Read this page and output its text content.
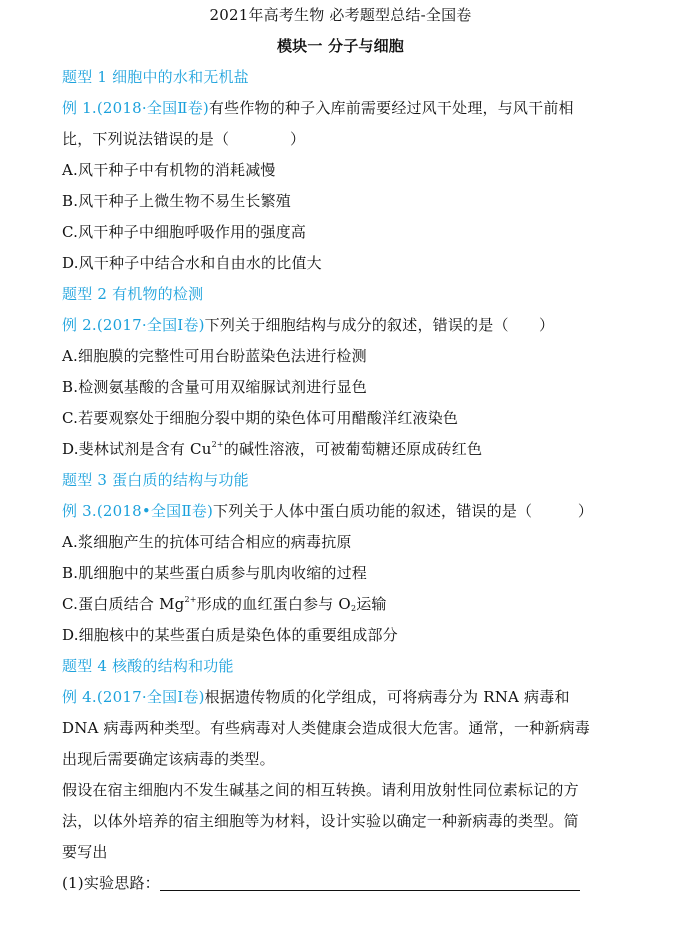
2021年高考生物 必考题型总结-全国卷
模块一 分子与细胞
题型 1 细胞中的水和无机盐
例 1.(2018·全国Ⅱ卷)有些作物的种子入库前需要经过风干处理，与风干前相
比，下列说法错误的是（　　　　）
A.风干种子中有机物的消耗减慢
B.风干种子上微生物不易生长繁殖
C.风干种子中细胞呼吸作用的强度高
D.风干种子中结合水和自由水的比值大
题型 2 有机物的检测
例 2.(2017·全国Ⅰ卷)下列关于细胞结构与成分的叙述，错误的是（　　）
A.细胞膜的完整性可用台盼蓝染色法进行检测
B.检测氨基酸的含量可用双缩脲试剂进行显色
C.若要观察处于细胞分裂中期的染色体可用醋酸洋红液染色
D.斐林试剂是含有 $Cu^{2+}$的碱性溶液，可被葡萄糖还原成砖红色
题型 3 蛋白质的结构与功能
例 3.(2018•全国Ⅱ卷)下列关于人体中蛋白质功能的叙述，错误的是（　　　）
A.浆细胞产生的抗体可结合相应的病毒抗原
B.肌细胞中的某些蛋白质参与肌肉收缩的过程
C.蛋白质结合 $Mg^{2+}$形成的血红蛋白参与 $O_2$运输
D.细胞核中的某些蛋白质是染色体的重要组成部分
题型 4 核酸的结构和功能
例 4.(2017·全国Ⅰ卷)根据遗传物质的化学组成，可将病毒分为 RNA 病毒和
DNA 病毒两种类型。有些病毒对人类健康会造成很大危害。通常，一种新病毒
出现后需要确定该病毒的类型。
假设在宿主细胞内不发生碱基之间的相互转换。请利用放射性同位素标记的方
法，以体外培养的宿主细胞等为材料，设计实验以确定一种新病毒的类型。简
要写出
(1)实验思路：
